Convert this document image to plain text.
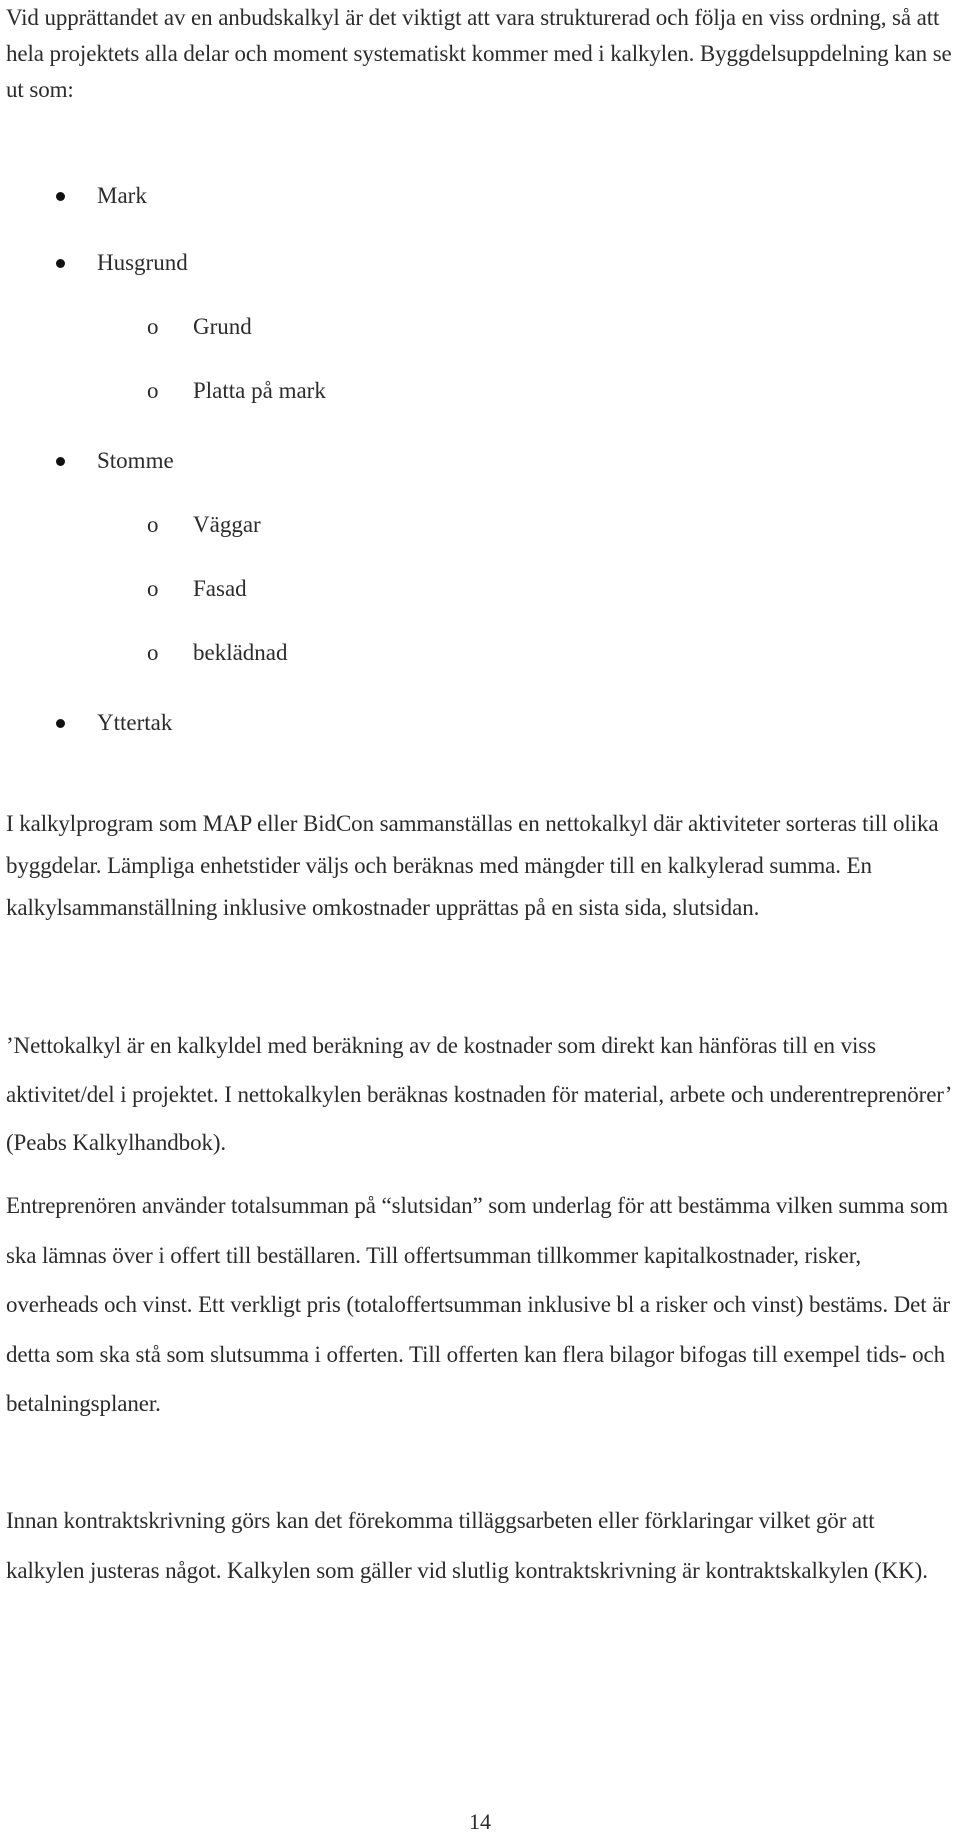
Vid upprättandet av en anbudskalkyl är det viktigt att vara strukturerad och följa en viss ordning, så att hela projektets alla delar och moment systematiskt kommer med i kalkylen. Byggdelsuppdelning kan se ut som:

Mark
Husgrund
o Grund
o Platta på mark
Stomme
o Väggar
o Fasad
o beklädnad
Yttertak

I kalkylprogram som MAP eller BidCon sammanställas en nettokalkyl där aktiviteter sorteras till olika byggdelar. Lämpliga enhetstider väljs och beräknas med mängder till en kalkylerad summa. En kalkylsammanställning inklusive omkostnader upprättas på en sista sida, slutsidan.

’Nettokalkyl är en kalkyldel med beräkning av de kostnader som direkt kan hänföras till en viss aktivitet/del i projektet. I nettokalkylen beräknas kostnaden för material, arbete och underentreprenörer’ (Peabs Kalkylhandbok).

Entreprenören använder totalsumman på “slutsidan” som underlag för att bestämma vilken summa som ska lämnas över i offert till beställaren. Till offertsumman tillkommer kapitalkostnader, risker, overheads och vinst. Ett verkligt pris (totaloffertsumman inklusive bl a risker och vinst) bestäms. Det är detta som ska stå som slutsumma i offerten. Till offerten kan flera bilagor bifogas till exempel tids- och betalningsplaner.

Innan kontraktskrivning görs kan det förekomma tilläggsarbeten eller förklaringar vilket gör att kalkylen justeras något. Kalkylen som gäller vid slutlig kontraktskrivning är kontraktskalkylen (KK).

14
